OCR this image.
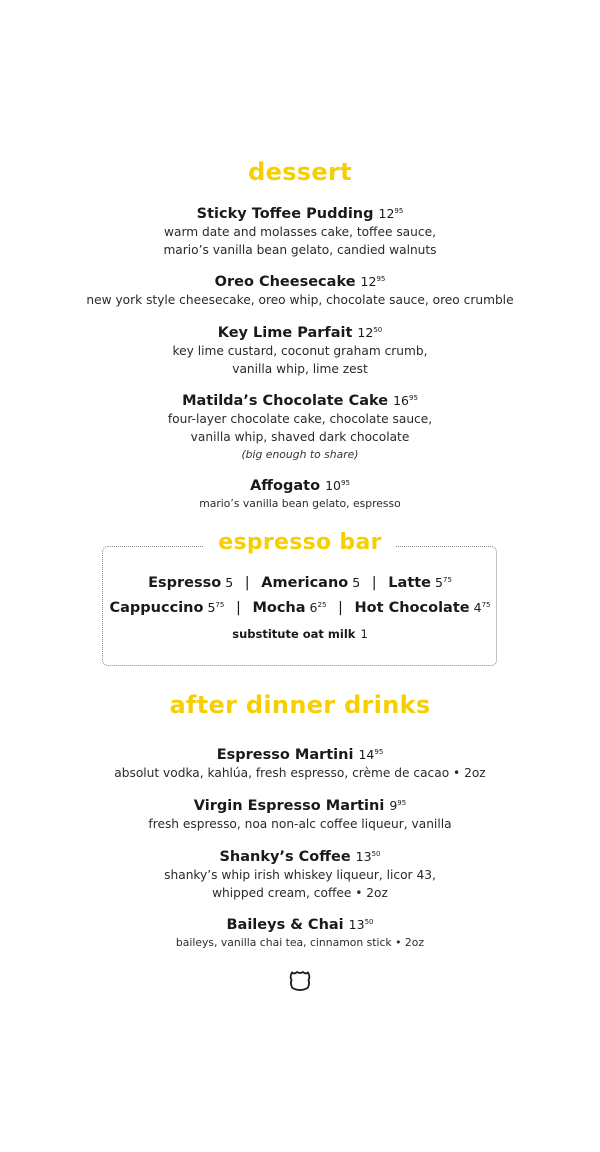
dessert
Sticky Toffee Pudding $12^{95}$
warm date and molasses cake, toffee sauce,
mario’s vanilla bean gelato, candied walnuts
Oreo Cheesecake $12^{95}$
new york style cheesecake, oreo whip, chocolate sauce, oreo crumble
Key Lime Parfait $12^{50}$
key lime custard, coconut graham crumb,
vanilla whip, lime zest
Matilda’s Chocolate Cake $16^{95}$
four-layer chocolate cake, chocolate sauce,
vanilla whip, shaved dark chocolate
(big enough to share)
Affogato $10^{95}$
mario’s vanilla bean gelato, espresso
espresso bar
Espresso 5 | Americano 5 | Latte $5^{75}$
Cappuccino $5^{75}$ | Mocha $6^{25}$ | Hot Chocolate $4^{75}$
substitute oat milk 1
after dinner drinks
Espresso Martini $14^{95}$
absolut vodka, kahlúa, fresh espresso, crème de cacao • 2oz
Virgin Espresso Martini $9^{95}$
fresh espresso, noa non-alc coffee liqueur, vanilla
Shanky’s Coffee $13^{50}$
shanky’s whip irish whiskey liqueur, licor 43,
whipped cream, coffee • 2oz
Baileys & Chai $13^{50}$
baileys, vanilla chai tea, cinnamon stick • 2oz
